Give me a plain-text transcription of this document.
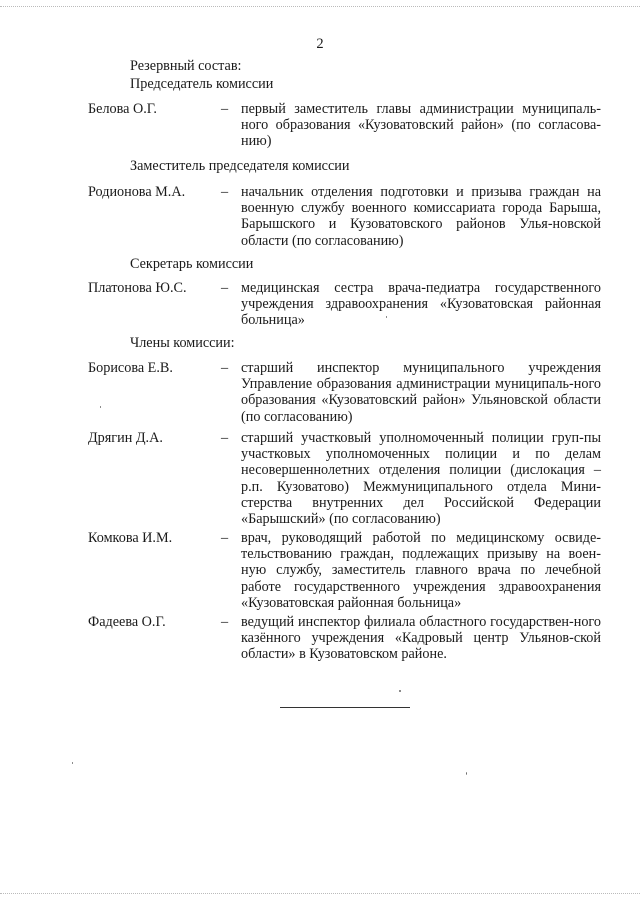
2
Резервный состав:
Председатель комиссии
Белова О.Г.	– первый заместитель главы администрации муниципаль-ного образования «Кузоватовский район» (по согласова-нию)
Заместитель председателя комиссии
Родионова М.А.	– начальник отделения подготовки и призыва граждан на военную службу военного комиссариата города Барыша, Барышского и Кузоватовского районов Улья-новской области (по согласованию)
Секретарь комиссии
Платонова Ю.С. – медицинская сестра врача-педиатра государственного учреждения здравоохранения «Кузоватовская районная больница»
Члены комиссии:
Борисова Е.В.	– старший инспектор муниципального учреждения Управление образования администрации муниципаль-ного образования «Кузоватовский район» Ульяновской области (по согласованию)
Дрягин Д.А.	– старший участковый уполномоченный полиции груп-пы участковых уполномоченных полиции и по делам несовершеннолетних отделения полиции (дислокация – р.п. Кузоватово) Межмуниципального отдела Мини-стерства внутренних дел Российской Федерации «Барышский» (по согласованию)
Комкова И.М.	– врач, руководящий работой по медицинскому освиде-тельствованию граждан, подлежащих призыву на воен-ную службу, заместитель главного врача по лечебной работе государственного учреждения здравоохранения «Кузоватовская районная больница»
Фадеева О.Г.	– ведущий инспектор филиала областного государствен-ного казённого учреждения «Кадровый центр Ульянов-ской области» в Кузоватовском районе.
